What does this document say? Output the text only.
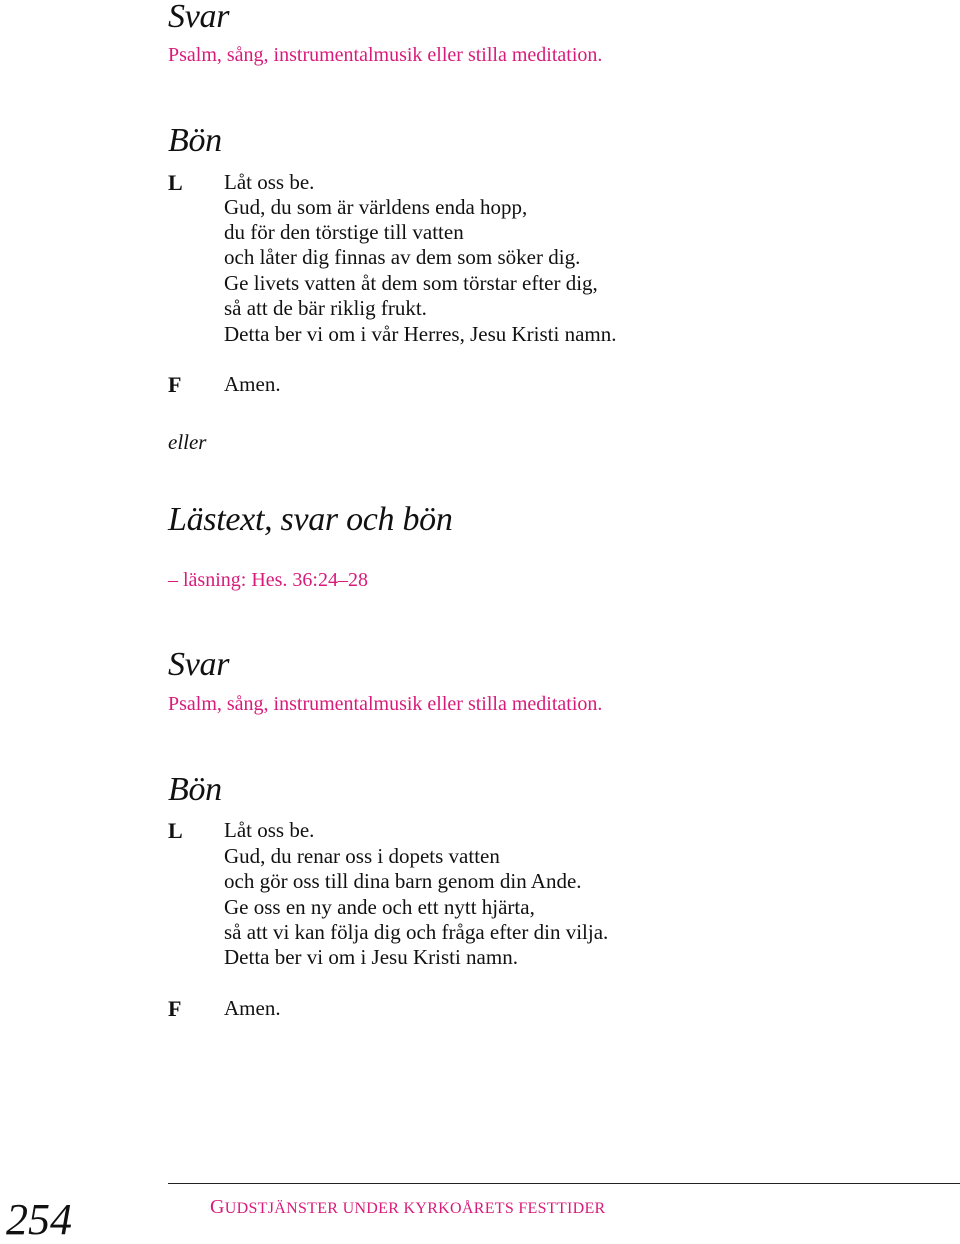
Svar
Psalm, sång, instrumentalmusik eller stilla meditation.
Bön
L Låt oss be.
Gud, du som är världens enda hopp,
du för den törstige till vatten
och låter dig finnas av dem som söker dig.
Ge livets vatten åt dem som törstar efter dig,
så att de bär riklig frukt.
Detta ber vi om i vår Herres, Jesu Kristi namn.
F Amen.
eller
Lästext, svar och bön
– läsning: Hes. 36:24–28
Svar
Psalm, sång, instrumentalmusik eller stilla meditation.
Bön
L Låt oss be.
Gud, du renar oss i dopets vatten
och gör oss till dina barn genom din Ande.
Ge oss en ny ande och ett nytt hjärta,
så att vi kan följa dig och fråga efter din vilja.
Detta ber vi om i Jesu Kristi namn.
F Amen.
254	GUDSTJÄNSTER UNDER KYRKOÅRETS FESTTIDER
